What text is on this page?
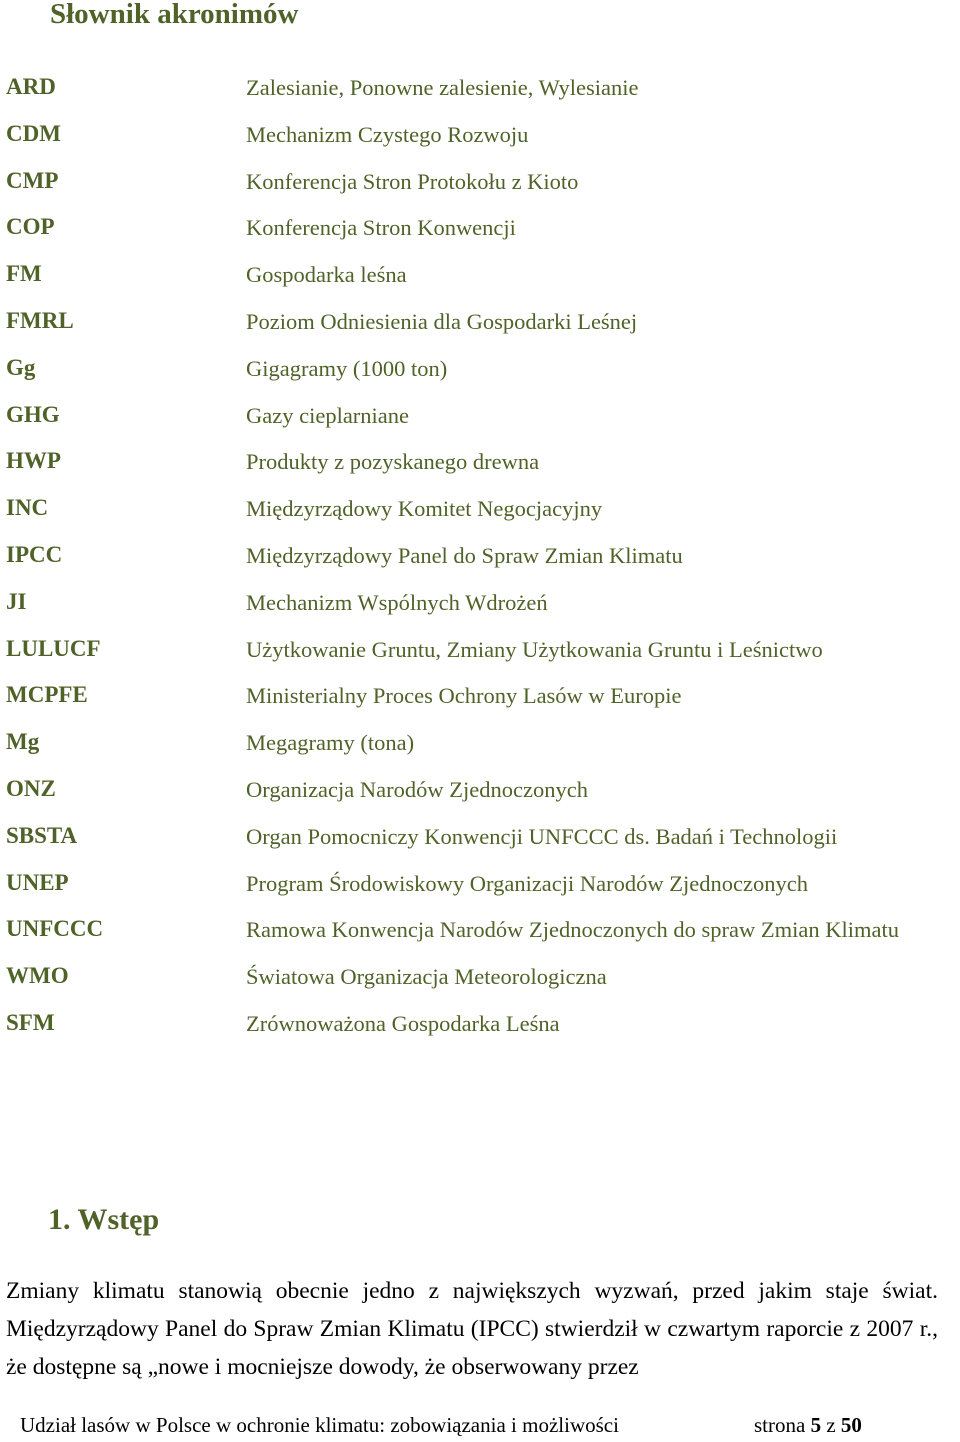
Słownik akronimów
ARD	Zalesianie, Ponowne zalesienie, Wylesianie
CDM	Mechanizm Czystego Rozwoju
CMP	Konferencja Stron Protokołu z Kioto
COP	Konferencja Stron Konwencji
FM	Gospodarka leśna
FMRL	Poziom Odniesienia dla Gospodarki Leśnej
Gg	Gigagramy (1000 ton)
GHG	Gazy cieplarniane
HWP	Produkty z pozyskanego drewna
INC	Międzyrządowy Komitet Negocjacyjny
IPCC	Międzyrządowy Panel do Spraw Zmian Klimatu
JI	Mechanizm Wspólnych Wdrożeń
LULUCF	Użytkowanie Gruntu, Zmiany Użytkowania Gruntu i Leśnictwo
MCPFE	Ministerialny Proces Ochrony Lasów w Europie
Mg	Megagramy (tona)
ONZ	Organizacja Narodów Zjednoczonych
SBSTA	Organ Pomocniczy Konwencji UNFCCC ds. Badań i Technologii
UNEP	Program Środowiskowy Organizacji Narodów Zjednoczonych
UNFCCC	Ramowa Konwencja Narodów Zjednoczonych do spraw Zmian Klimatu
WMO	Światowa Organizacja Meteorologiczna
SFM	Zrównoważona Gospodarka Leśna
1. Wstęp
Zmiany klimatu stanowią obecnie jedno z największych wyzwań, przed jakim staje świat. Międzyrządowy Panel do Spraw Zmian Klimatu (IPCC) stwierdził w czwartym raporcie z 2007 r., że dostępne są „nowe i mocniejsze dowody, że obserwowany przez
Udział lasów w Polsce w ochronie klimatu: zobowiązania i możliwości	strona 5 z 50
